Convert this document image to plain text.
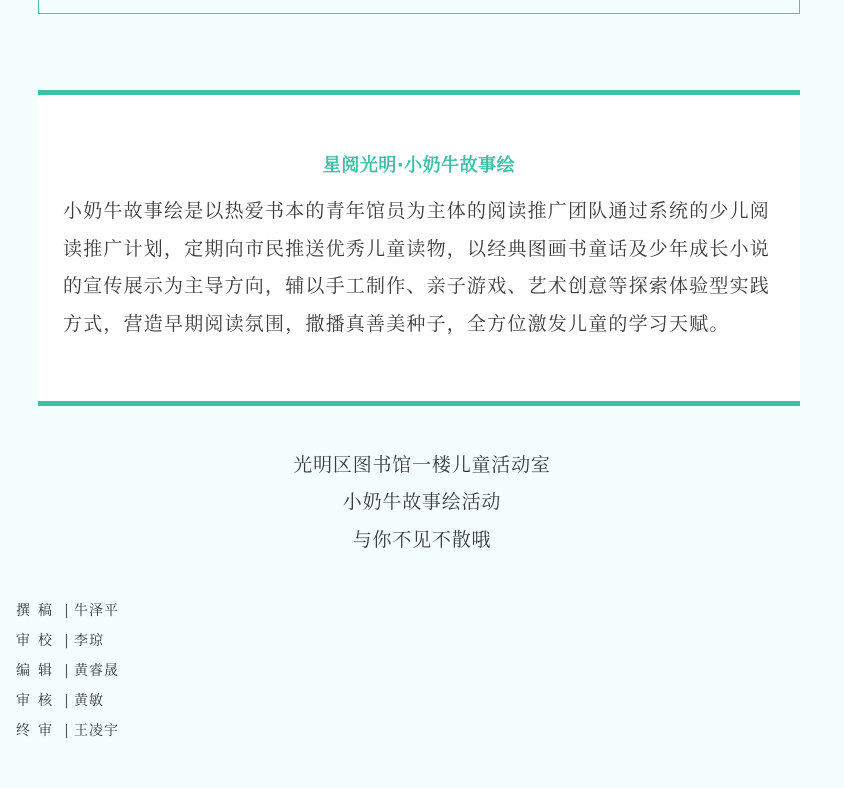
星阅光明·小奶牛故事绘

小奶牛故事绘是以热爱书本的青年馆员为主体的阅读推广团队通过系统的少儿阅读推广计划，定期向市民推送优秀儿童读物，以经典图画书童话及少年成长小说的宣传展示为主导方向，辅以手工制作、亲子游戏、艺术创意等探索体验型实践方式，营造早期阅读氛围，撒播真善美种子，全方位激发儿童的学习天赋。

光明区图书馆一楼儿童活动室
小奶牛故事绘活动
与你不见不散哦
撰稿 | 牛泽平
审校 | 李琼
编辑 | 黄睿晟
审核 | 黄敏
终审 | 王凌宇
